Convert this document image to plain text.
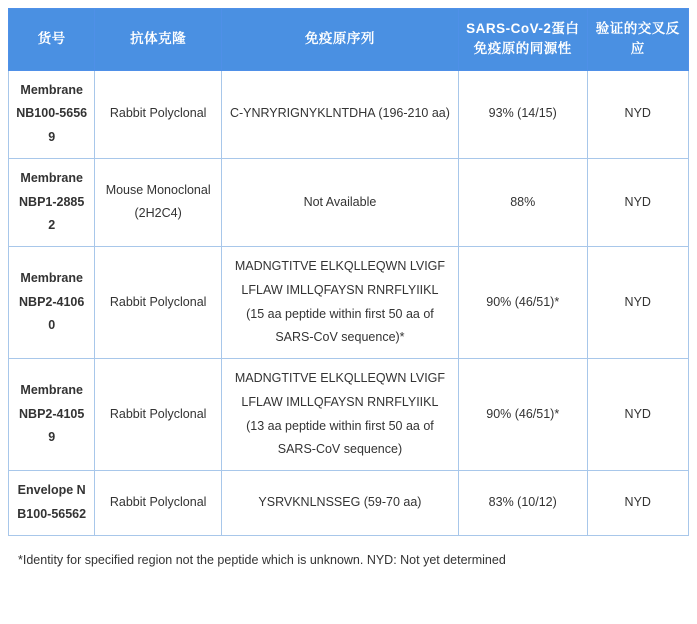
货号	抗体克隆	免疫原序列	SARS-CoV-2蛋白免疫原的同源性	验证的交叉反应
Membrane NB100-56569	Rabbit Polyclonal	C-YNRYRIGNYKLNTDHA (196-210 aa)	93% (14/15)	NYD
Membrane NBP1-28852	Mouse Monoclonal (2H2C4)	Not Available	88%	NYD
Membrane NBP2-41060	Rabbit Polyclonal	MADNGTITVE ELKQLLEQWN LVIGF
LFLAW IMLLQFAYSN RNRFLYIIKL
(15 aa peptide within first 50 aa of SARS-CoV sequence)*	90% (46/51)*	NYD
Membrane NBP2-41059	Rabbit Polyclonal	MADNGTITVE ELKQLLEQWN LVIGF
LFLAW IMLLQFAYSN RNRFLYIIKL
(13 aa peptide within first 50 aa of SARS-CoV sequence)	90% (46/51)*	NYD
Envelope NB100-56562	Rabbit Polyclonal	YSRVKNLNSSEG (59-70 aa)	83% (10/12)	NYD
*Identity for specified region not the peptide which is unknown. NYD: Not yet determined
